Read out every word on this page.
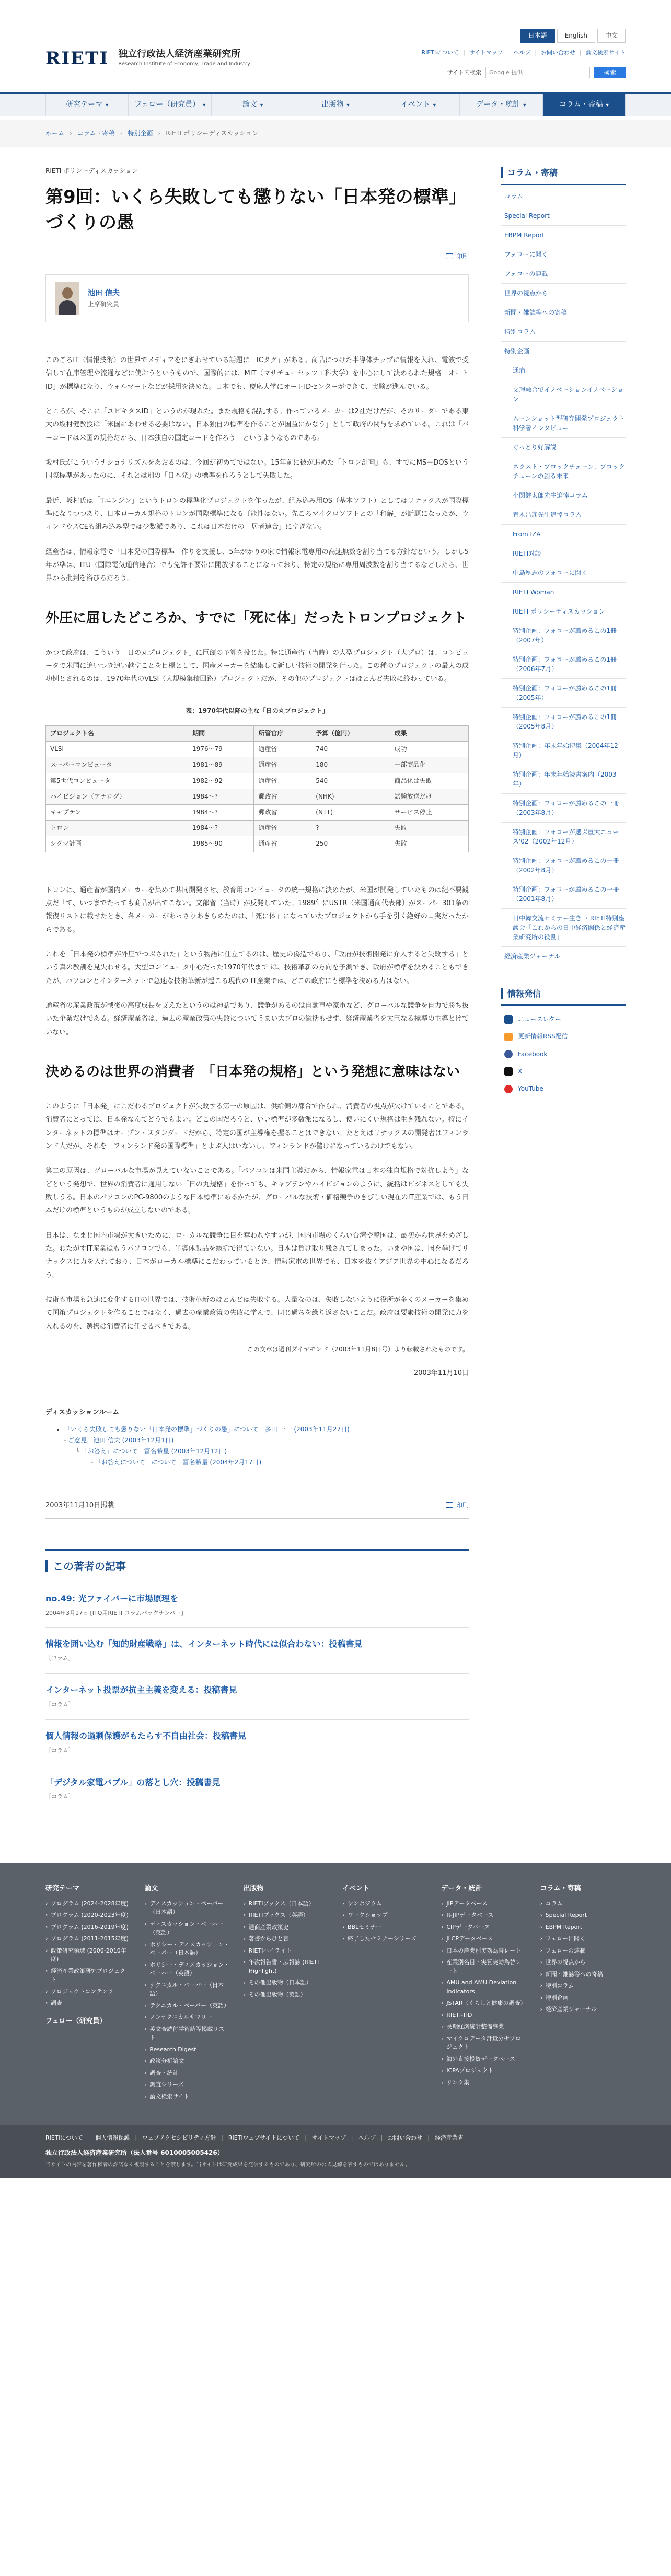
RIETI 独立行政法人経済産業研究所
Research Institute of Economy, Trade and Industry
日本語	English	中文
RIETIについて | サイトマップ | ヘルプ | お問い合わせ | 論文検索サイト
サイト内検索	Google 提供	検索
研究テーマ ▾	フェロー（研究員） ▾	論文 ▾	出版物 ▾	イベント ▾	データ・統計 ▾	コラム・寄稿 ▾
ホーム › コラム・寄稿 › 特別企画 › RIETI ポリシーディスカッション
RIETI ポリシーディスカッション
第9回：いくら失敗しても懲りない「日本発の標準」づくりの愚
印刷
池田 信夫
上席研究員

このごろIT（情報技術）の世界でメディアをにぎわせている話題に「ICタグ」がある。商品につけた半導体チップに情報を入れ、電波で受信して在庫管理や流通などに使おうというもので、国際的には、MIT（マサチューセッツ工科大学）を中心にして決められた規格「オートID」が標準になり、ウォルマートなどが採用を決めた。日本でも、慶応大学にオートIDセンターができて、実験が進んでいる。

ところが、そこに「ユビキタスID」というのが現れた。また規格も混乱する。作っているメーカーは2社だけだが、そのリーダーである東大の坂村健教授は「米国にあわせる必要はない。日本独自の標準を作ることが国益にかなう」として政府の関与を求めている。これは「バーコードは米国の規格だから、日本独自の国定コードを作ろう」というようなものである。

坂村氏がこういうナショナリズムをあおるのは、今回が初めてではない。15年前に彼が進めた「トロン計画」も、すでにMS－DOSという国際標準があったのに、それとは別の「日本発」の標準を作ろうとして失敗した。

最近、坂村氏は「Tエンジン」というトロンの標準化プロジェクトを作ったが、組み込み用OS（基本ソフト）としてはリナックスが国際標準になりつつあり、日本ローカル規格のトロンが国際標準になる可能性はない。先ごろマイクロソフトとの「和解」が話題になったが、ウィンドウズCEも組み込み型では少数派であり、これは日本だけの「居者連合」にすぎない。

経産省は、情報家電で「日本発の国際標準」作りを支援し、5年がかりの家で情報家電専用の高速無数を割り当てる方針だという。しかし5年が準は、ITU（国際電気通信連合）でも免許不要帯に開放することになっており、特定の規格に専用周波数を割り当てるなどしたら、世界から批判を浴びるだろう。

外圧に屈したどころか、すでに「死に体」だったトロンプロジェクト

かつて政府は、こういう「日の丸プロジェクト」に巨額の予算を投じた。特に通産省（当時）の大型プロジェクト（大プロ）は、コンピュータで米国に追いつき追い越すことを目標として、国産メーカーを結集して新しい技術の開発を行った。この種のプロジェクトの最大の成功例とされるのは、1970年代のVLSI（大規模集積回路）プロジェクトだが、その他のプロジェクトはほとんど失敗に終わっている。

表：1970年代以降の主な「日の丸プロジェクト」
プロジェクト名	期間	所管官庁	予算（億円）	成果
VLSI	1976〜79	通産省	740	成功
スーパーコンピュータ	1981〜89	通産省	180	一部商品化
第5世代コンピュータ	1982〜92	通産省	540	商品化は失敗
ハイビジョン（アナログ）	1984〜?	郵政省	(NHK)	試験放送だけ
キャプテン	1984〜?	郵政省	(NTT)	サービス停止
トロン	1984〜?	通産省	?	失敗
シグマ計画	1985〜90	通産省	250	失敗

トロンは、通産省が国内メーカーを集めて共同開発させ、教育用コンピュータの統一規格に決めたが、米国が開発していたものは紀不要観点だ「て、いつまでたっても商品が出てこない。文部省（当時）が反発していた。1989年にUSTR（米国通商代表部）がスーパー301条の報復リストに載せたとき、各メーカーがあっさりあきらめたのは、「死に体」になっていたプロジェクトから手を引く絶好の口実だったからである。

これを「日本発の標準が外圧でつぶされた」という物語に仕立てるのは、歴史の偽造であり、「政府が技術開発に介入すると失敗する」という真の教訓を見失わせる。大型コンピュータ中心だった1970年代まで は、技術革新の方向を予測でき、政府が標準を決めることもできたが、パソコンとインターネットで急速な技術革新が起こる現代の IT産業では、どこの政府にも標準を決める力はない。

通産省の産業政策が戦後の高度成長を支えたというのは神話であり、競争があるのは自動車や家電など、グローバルな競争を自力で勝ち抜いた企業だけである。経済産業省は、過去の産業政策の失敗についてうまい大プロの総括もせず、経済産業省を大臣なる標準の主導とけていない。

決めるのは世界の消費者　「日本発の規格」という発想に意味はない

このように「日本発」にこだわるプロジェクトが失敗する第一の原因は、供給側の都合で作られ、消費者の視点が欠けていることである。消費者にとっては、日本発なんてどうでもよい。どこの国だろうと、いい標準が多数派になるし、使いにくい規格は生き残れない。特にインターネットの標準はオープン・スタンダードだから、特定の国が主導権を握ることはできない。たとえばリナックスの開発者はフィンランド人だが、それを「フィンランド発の国際標準」とよぶ人はいないし、フィンランドが儲けになっているわけでもない。

第二の原因は、グローバルな市場が見えていないことである。「パソコンは米国主導だから、情報家電は日本の独自規格で対抗しよう」などという発想で、世界の消費者に通用しない「日の丸規格」を作っても、キャプテンやハイビジョンのように、統括はビジネスとしても失敗しうる。日本のパソコンのPC-9800のような日本標準にあるかたが、グローバルな技術・価格競争のきびしい現在のIT産業では、もう日本だけの標準というものが成立しないのである。

日本は、なまじ国内市場が大きいために、ローカルな競争に目を奪われやすいが、国内市場のくらい台湾や韓国は、最初から世界をめざした。わたがすIT産業はもうパソコンでも、半導体製品を総括で得ていない。日本は負け取り残されてしまった。いまや国は、国を挙げてリナックスに力を入れており、日本がローカル標準にこだわっているとき、情報家電の世界でも、日本を抜くアジア世界の中心になるだろう。

技術も市場も急速に変化するITの世界では、技術革新のほとんどは失敗する。大量なのは、失敗しないように役所が多くのメーカーを集めて国策プロジェクトを作ることではなく、過去の産業政策の失敗に学んで、同じ過ちを繰り返さないことだ。政府は要素技術の開発に力を入れるのを、選択は消費者に任せるべきである。

この文章は週刊ダイヤモンド（2003年11月8日号）より転載されたものです。
2003年11月10日
ディスカッションルーム
• 「いくら失敗しても懲りない「日本発の標準」づくりの愚」について　多田 一一 (2003年11月27日)
└ ご意見　池田 信夫 (2003年12月1日)
└ 「お答え」について　冨名希星 (2003年12月12日)
└ 「お答えについて」について　冨名希星 (2004年2月17日)
2003年11月10日掲載	印刷
この著者の記事
no.49: 光ファイバーに市場原理を
2004年3月17日 [ITQ用RIETI コラムバックナンバー]
情報を囲い込む「知的財産戦略」は、インターネット時代には似合わない：投稿書見
［コラム］
インターネット投票が抗主主義を変える：投稿書見
［コラム］
個人情報の過剰保護がもたらす不自由社会：投稿書見
［コラム］
「デジタル家電バブル」の落とし穴：投稿書見
［コラム］
コラム・寄稿
コラム
Special Report
EBPM Report
フェローに聞く
フェローの連載
世界の視点から
新聞・雑誌等への寄稿
特別コラム
特別企画
通痛
文理融合でイノベーションイノベーション
ムーンショット型研究開発プロジェクト　科学者インタビュー
ぐっとり好解説
ネクスト・ブロックチェーン：ブロックチェーンの創る未来
小関健太郎先生追悼コラム
青木昌彦先生追悼コラム
From IZA
RIETI対談
中島厚志のフォローに聞く
RIETI Woman
RIETI ポリシーディスカッション
特別企画：フォローが薦めるこの1冊（2007年）
特別企画：フォローが薦めるこの1冊（2006年7月）
特別企画：フォローが薦めるこの1冊（2005年）
特別企画：フォローが薦めるこの1冊（2005年8月）
特別企画：年末年始特集（2004年12月）
特別企画：年末年始読書案内（2003年）
特別企画：フォローが薦めるこの一冊（2003年8月）
特別企画：フォローが選ぶ重大ニュース'02（2002年12月）
特別企画：フォローが薦めるこの一冊（2002年8月）
特別企画：フォローが薦めるこの一冊（2001年8月）
日中韓交流セミナー生き ・RIETI特別座談会「これからの日中経済関係と経済産業研究所の役割」
経済産業ジャーナル
情報発信
ニュースレター
更新情報RSS配信
Facebook
X
YouTube
研究テーマ
› プログラム (2024-2028年度)
› プログラム (2020-2023年度)
› プログラム (2016-2019年度)
› プログラム (2011-2015年度)
› 政策研究領域 (2006-2010年度)
› 経済産業政策研究プロジェクト
› プロジェクトコンテンツ
› 調査
フェロー（研究員）
論文
› ディスカッション・ペーパー（日本語）
› ディスカッション・ペーパー（英語）
› ポリシー・ディスカッション・ペーパー（日本語）
› ポリシー・ディスカッション・ペーパー（英語）
› テクニカル・ペーパー（日本語）
› テクニカル・ペーパー（英語）
› ノンテクニカルサマリー
› 英文査読付学術誌等掲載リスト
› Research Digest
› 政策分析論文
› 調査・統計
› 調査シリーズ
› 論文検索サイト
出版物
› RIETIブックス（日本語）
› RIETIブックス（英語）
› 通商産業政策史
› 著書からひと言
› RIETIハイライト
› 年次報告書・広報誌 (RIETI Highlight)
› その他出版物（日本語）
› その他出版物（英語）
イベント
› シンポジウム
› ワークショップ
› BBLセミナー
› 終了したセミナーシリーズ
データ・統計
› JIPデータベース
› R-JIPデータベース
› CIPデータベース
› JLCPデータベース
› 日本の産業別実効為替レート
› 産業別名目・実質実効為替レート
› AMU and AMU Deviation Indicators
› JSTAR（くらしと健康の調査）
› RIETI-TID
› 長期経済統計整備事業
› マイクロデータ計量分析プロジェクト
› 海外直接投資データベース
› ICPAプロジェクト
› リンク集
コラム・寄稿
› コラム
› Special Report
› EBPM Report
› フェローに聞く
› フェローの連載
› 世界の視点から
› 新聞・雑誌等への寄稿
› 特別コラム
› 特別企画
› 経済産業ジャーナル
RIETIについて | 個人情報保護 | ウェブアクセシビリティ方針 | RIETIウェブサイトについて | サイトマップ | ヘルプ | お問い合わせ | 経済産業省
独立行政法人経済産業研究所（法人番号 6010005005426）
当サイトの内容を著作権者の許諾なく複製することを禁じます。当サイトは研究成果を発信するものであり、研究所の公式見解を表すものではありません。
